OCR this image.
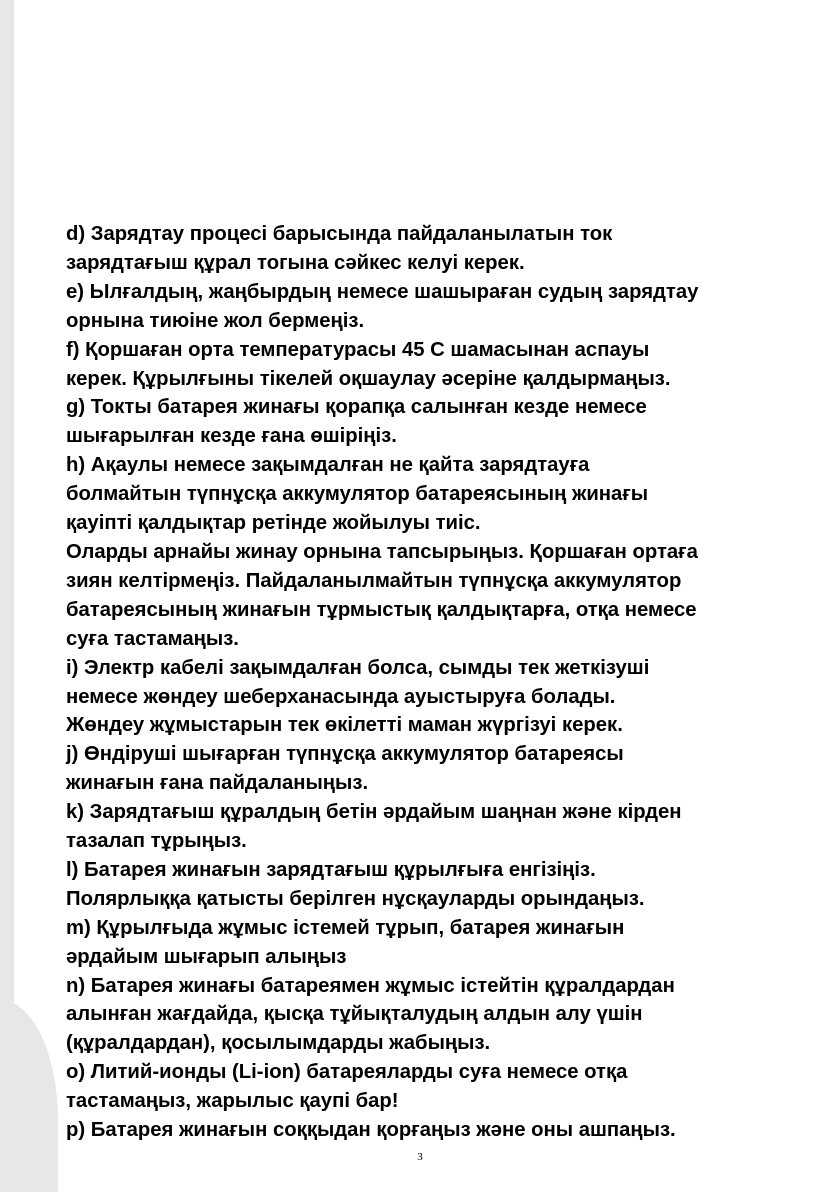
d) Зарядтау процесі барысында пайдаланылатын ток
зарядтағыш құрал тогына сәйкес келуі керек.
e) Ылғалдың, жаңбырдың немесе шашыраған судың зарядтау
орнына тиюіне жол бермеңіз.
f) Қоршаған орта температурасы 45 С шамасынан аспауы
керек. Құрылғыны тікелей оқшаулау әсеріне қалдырмаңыз.
g) Токты батарея жинағы қорапқа салынған кезде немесе
шығарылған кезде ғана өшіріңіз.
h) Ақаулы немесе зақымдалған не қайта зарядтауға
болмайтын түпнұсқа аккумулятор батареясының жинағы
қауіпті қалдықтар ретінде жойылуы тиіс.
Оларды арнайы жинау орнына тапсырыңыз. Қоршаған ортаға
зиян келтірмеңіз. Пайдаланылмайтын түпнұсқа аккумулятор
батареясының жинағын тұрмыстық қалдықтарға, отқа немесе
суға тастамаңыз.
i) Электр кабелі зақымдалған болса, сымды тек жеткізуші
немесе жөндеу шеберханасында ауыстыруға болады.
Жөндеу жұмыстарын тек өкілетті маман жүргізуі керек.
j) Өндіруші шығарған түпнұсқа аккумулятор батареясы
жинағын ғана пайдаланыңыз.
k) Зарядтағыш құралдың бетін әрдайым шаңнан және кірден
тазалап тұрыңыз.
l) Батарея жинағын зарядтағыш құрылғыға енгізіңіз.
Полярлыққа қатысты берілген нұсқауларды орындаңыз.
m) Құрылғыда жұмыс істемей тұрып, батарея жинағын
әрдайым шығарып алыңыз
n) Батарея жинағы батареямен жұмыс істейтін құралдардан
алынған жағдайда, қысқа тұйықталудың алдын алу үшін
(құралдардан), қосылымдарды жабыңыз.
o) Литий-ионды (Li-ion) батареяларды суға немесе отқа
тастамаңыз, жарылыс қаупі бар!
p) Батарея жинағын соққыдан қорғаңыз және оны ашпаңыз.
3
